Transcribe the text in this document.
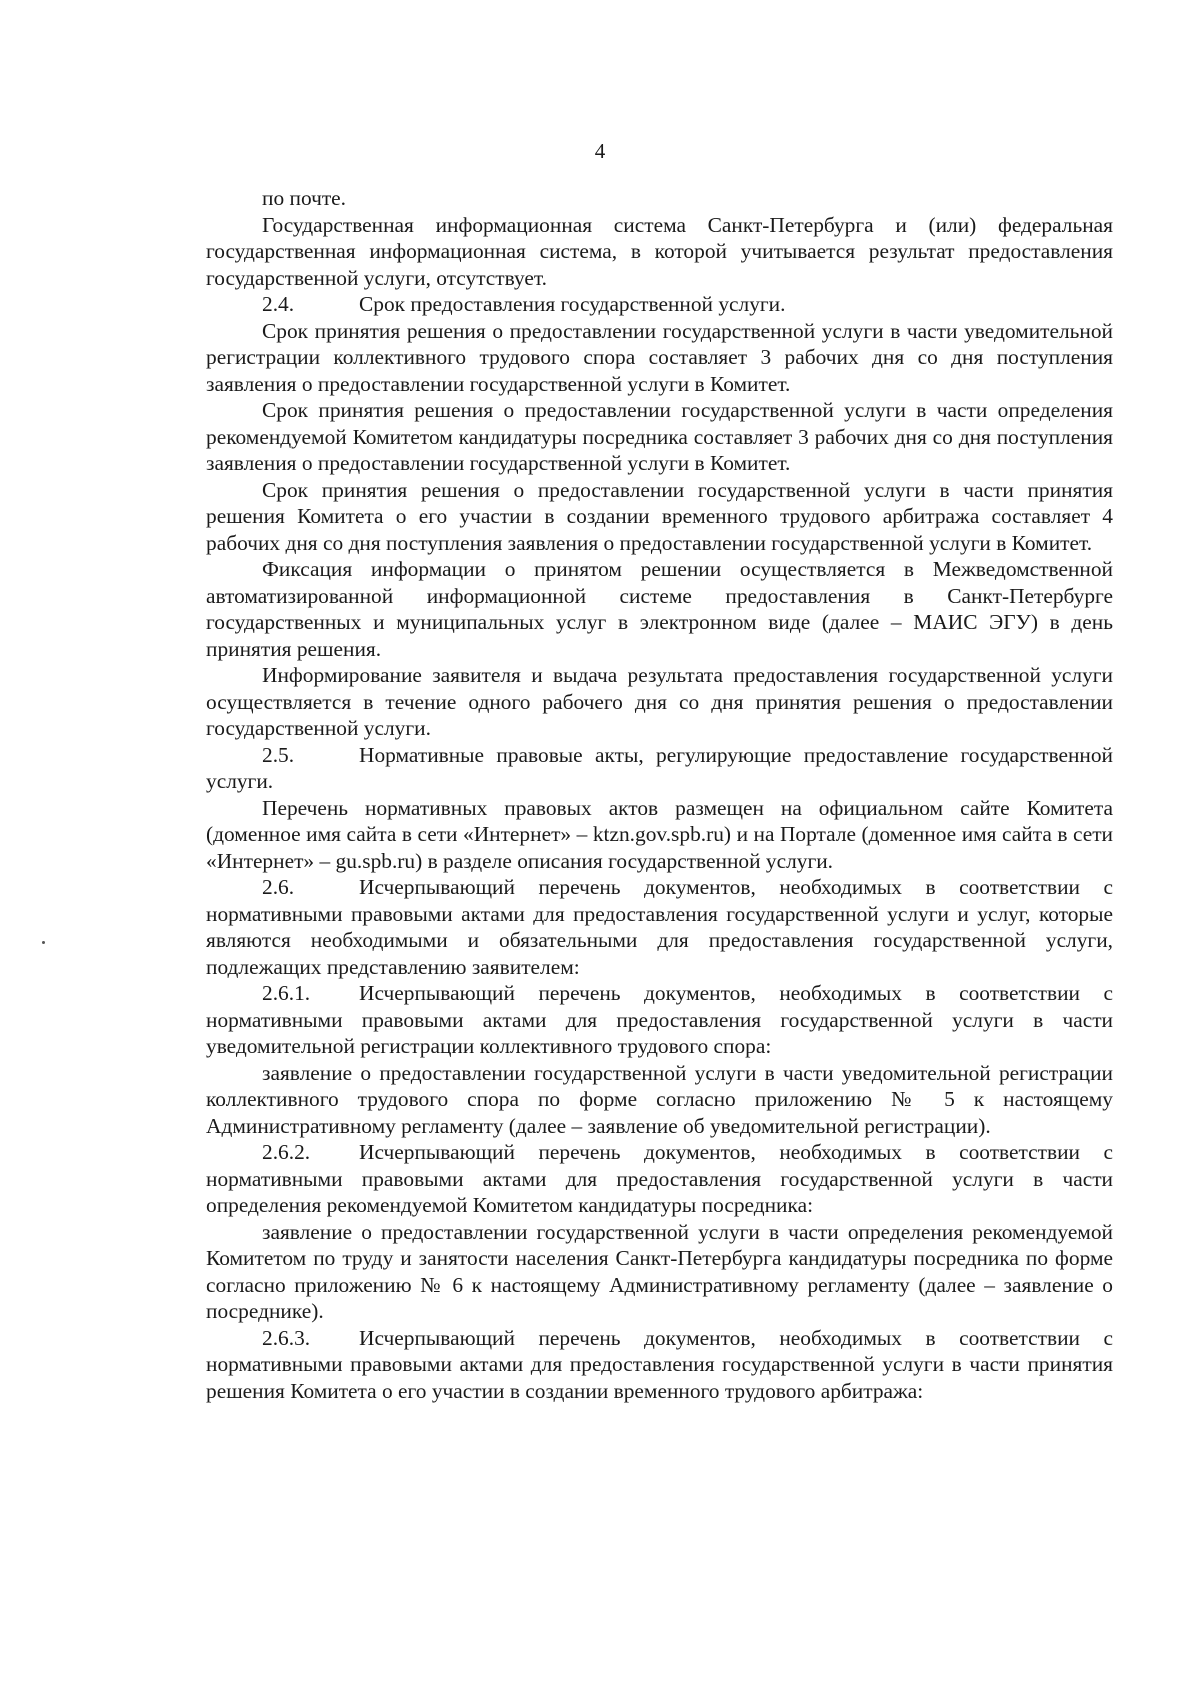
4

по почте.

Государственная информационная система Санкт-Петербурга и (или) федеральная государственная информационная система, в которой учитывается результат предоставления государственной услуги, отсутствует.

2.4.	Срок предоставления государственной услуги.

Срок принятия решения о предоставлении государственной услуги в части уведомительной регистрации коллективного трудового спора составляет 3 рабочих дня со дня поступления заявления о предоставлении государственной услуги в Комитет.

Срок принятия решения о предоставлении государственной услуги в части определения рекомендуемой Комитетом кандидатуры посредника составляет 3 рабочих дня со дня поступления заявления о предоставлении государственной услуги в Комитет.

Срок принятия решения о предоставлении государственной услуги в части принятия решения Комитета о его участии в создании временного трудового арбитража составляет 4 рабочих дня со дня поступления заявления о предоставлении государственной услуги в Комитет.

Фиксация информации о принятом решении осуществляется в Межведомственной автоматизированной информационной системе предоставления в Санкт-Петербурге государственных и муниципальных услуг в электронном виде (далее – МАИС ЭГУ) в день принятия решения.

Информирование заявителя и выдача результата предоставления государственной услуги осуществляется в течение одного рабочего дня со дня принятия решения о предоставлении государственной услуги.

2.5.	Нормативные правовые акты, регулирующие предоставление государственной услуги.

Перечень нормативных правовых актов размещен на официальном сайте Комитета (доменное имя сайта в сети «Интернет» – ktzn.gov.spb.ru) и на Портале (доменное имя сайта в сети «Интернет» – gu.spb.ru) в разделе описания государственной услуги.

2.6.	Исчерпывающий перечень документов, необходимых в соответствии с нормативными правовыми актами для предоставления государственной услуги и услуг, которые являются необходимыми и обязательными для предоставления государственной услуги, подлежащих представлению заявителем:

2.6.1. Исчерпывающий перечень документов, необходимых в соответствии с нормативными правовыми актами для предоставления государственной услуги в части уведомительной регистрации коллективного трудового спора:

заявление о предоставлении государственной услуги в части уведомительной регистрации коллективного трудового спора по форме согласно приложению № 5 к настоящему Административному регламенту (далее – заявление об уведомительной регистрации).

2.6.2. Исчерпывающий перечень документов, необходимых в соответствии с нормативными правовыми актами для предоставления государственной услуги в части определения рекомендуемой Комитетом кандидатуры посредника:

заявление о предоставлении государственной услуги в части определения рекомендуемой Комитетом по труду и занятости населения Санкт-Петербурга кандидатуры посредника по форме согласно приложению № 6 к настоящему Административному регламенту (далее – заявление о посреднике).

2.6.3. Исчерпывающий перечень документов, необходимых в соответствии с нормативными правовыми актами для предоставления государственной услуги в части принятия решения Комитета о его участии в создании временного трудового арбитража:
